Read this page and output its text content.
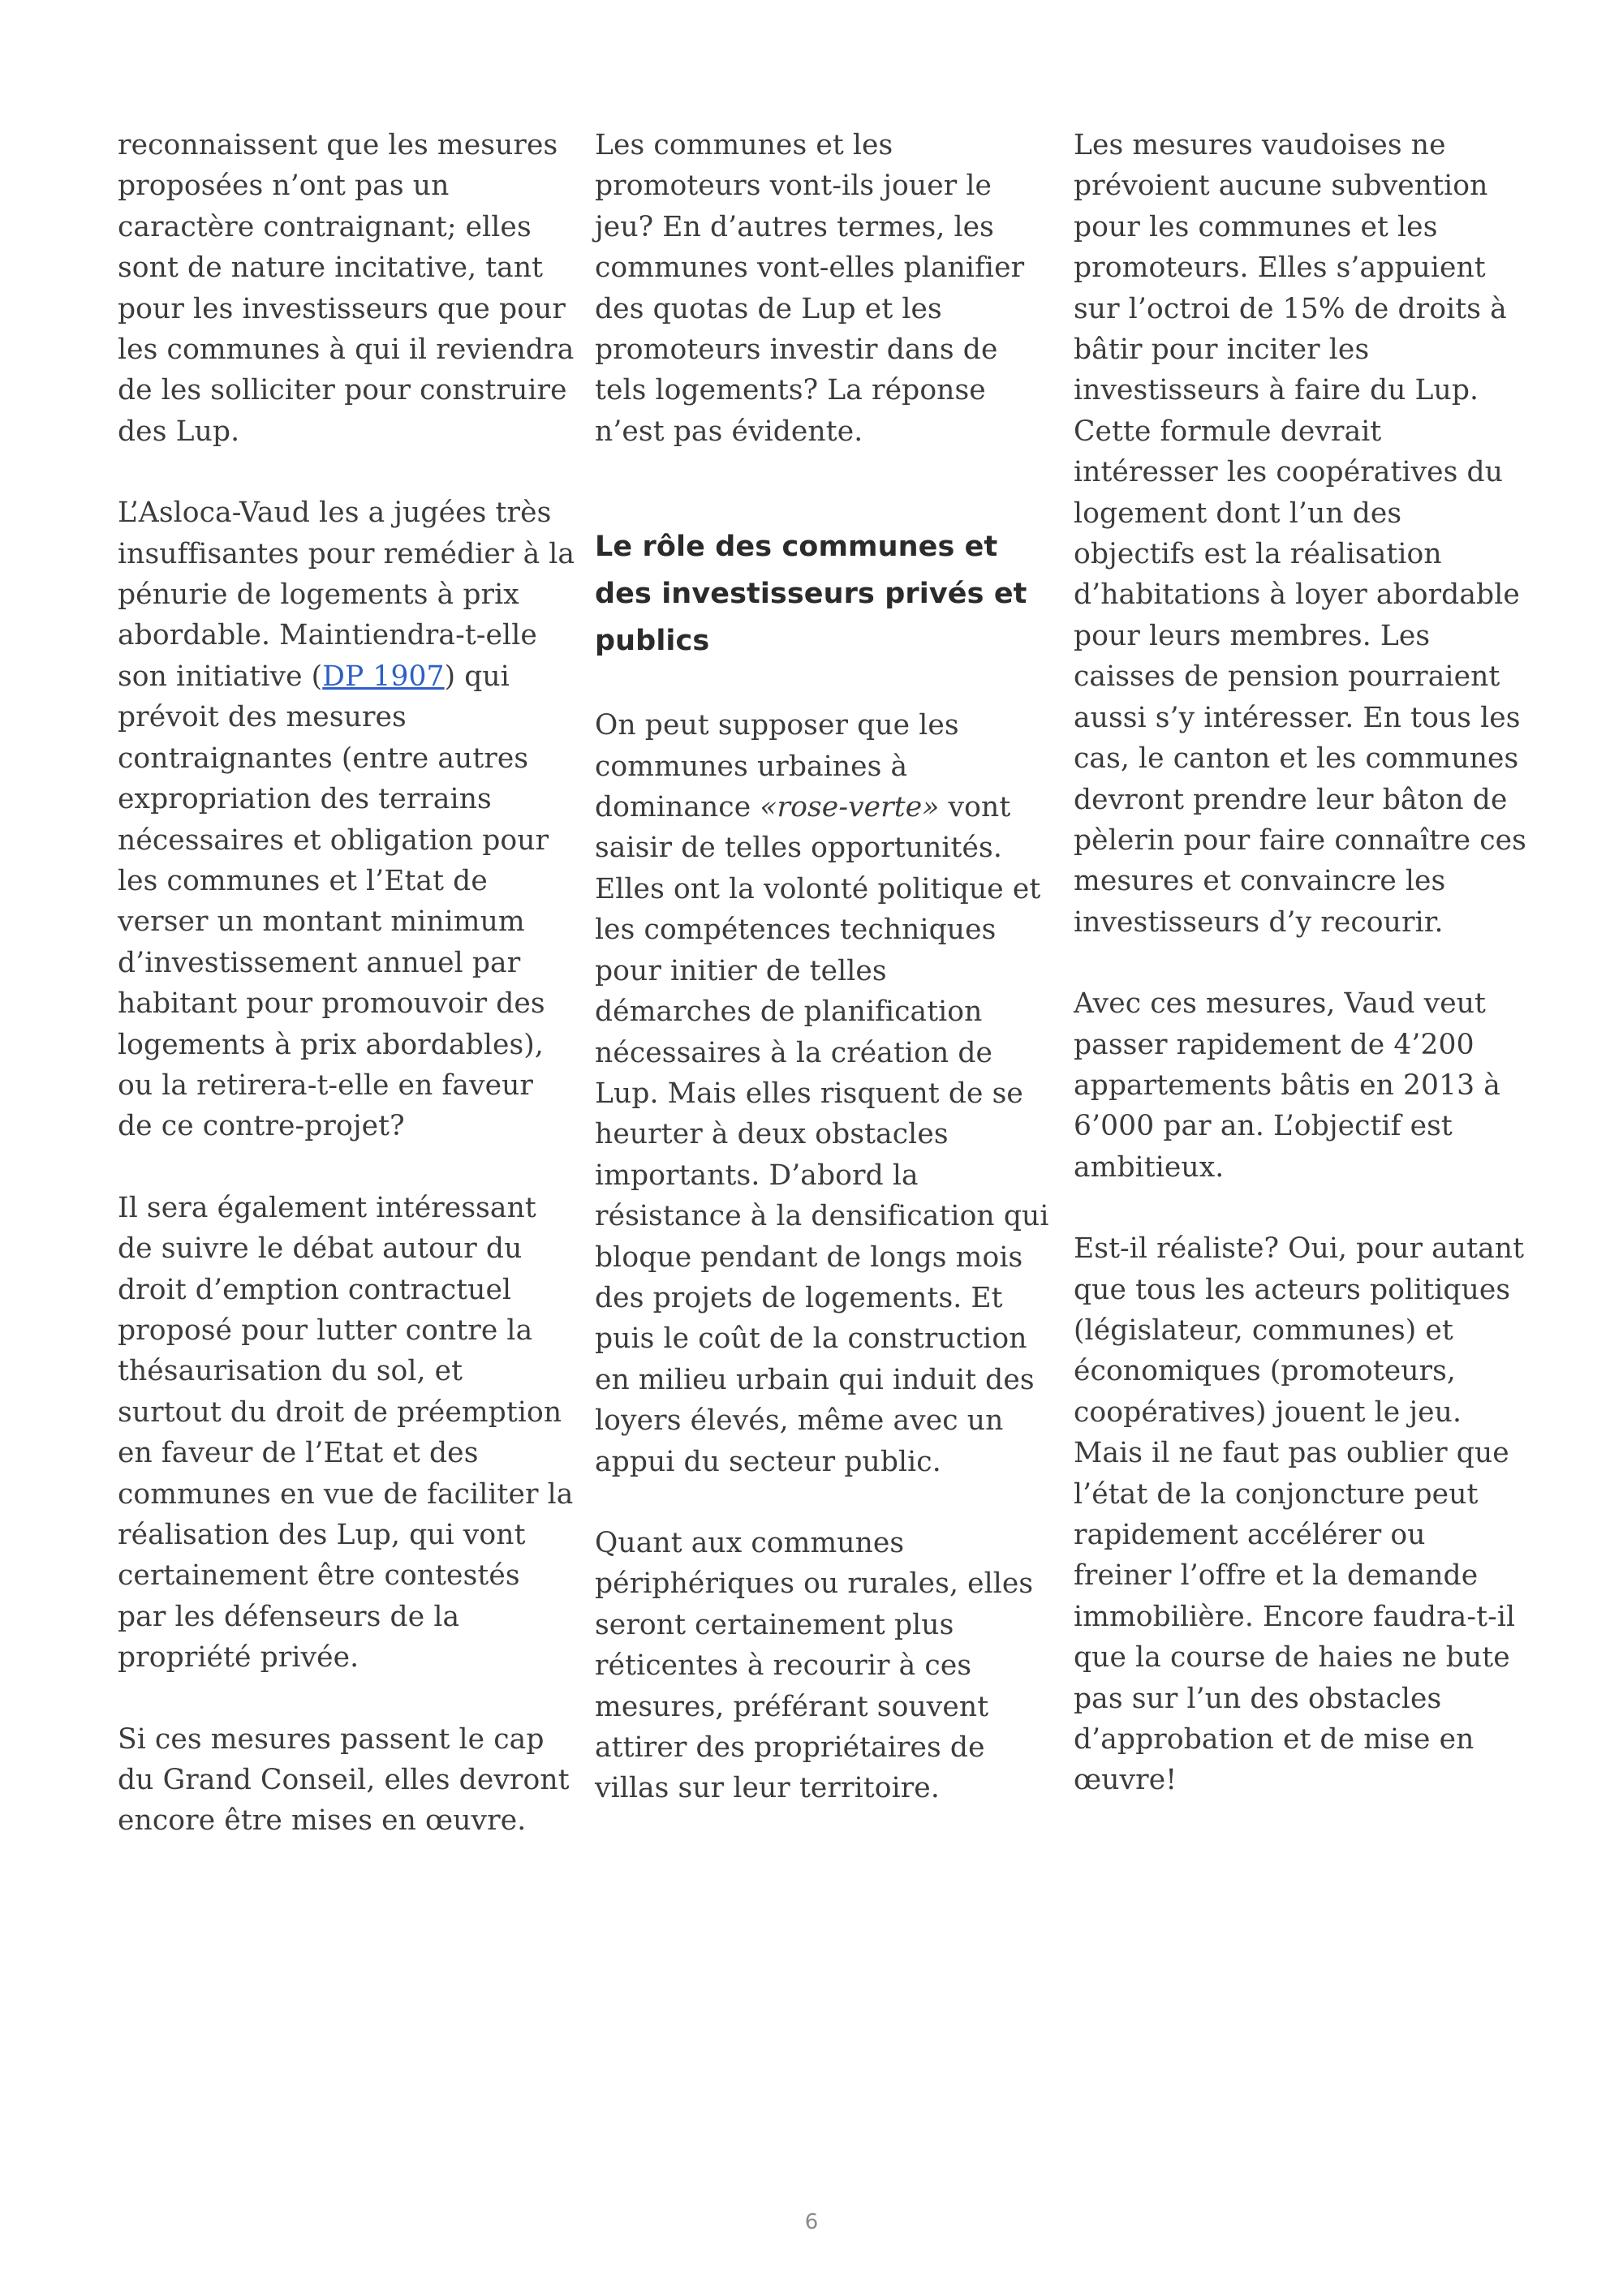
reconnaissent que les mesures
proposées n’ont pas un
caractère contraignant; elles
sont de nature incitative, tant
pour les investisseurs que pour
les communes à qui il reviendra
de les solliciter pour construire
des Lup.

L’Asloca-Vaud les a jugées très
insuffisantes pour remédier à la
pénurie de logements à prix
abordable. Maintiendra-t-elle
son initiative (DP 1907) qui
prévoit des mesures
contraignantes (entre autres
expropriation des terrains
nécessaires et obligation pour
les communes et l’Etat de
verser un montant minimum
d’investissement annuel par
habitant pour promouvoir des
logements à prix abordables),
ou la retirera-t-elle en faveur
de ce contre-projet?

Il sera également intéressant
de suivre le débat autour du
droit d’emption contractuel
proposé pour lutter contre la
thésaurisation du sol, et
surtout du droit de préemption
en faveur de l’Etat et des
communes en vue de faciliter la
réalisation des Lup, qui vont
certainement être contestés
par les défenseurs de la
propriété privée.

Si ces mesures passent le cap
du Grand Conseil, elles devront
encore être mises en œuvre.

Les communes et les
promoteurs vont-ils jouer le
jeu? En d’autres termes, les
communes vont-elles planifier
des quotas de Lup et les
promoteurs investir dans de
tels logements? La réponse
n’est pas évidente.

Le rôle des communes et
des investisseurs privés et
publics

On peut supposer que les
communes urbaines à
dominance «rose-verte» vont
saisir de telles opportunités.
Elles ont la volonté politique et
les compétences techniques
pour initier de telles
démarches de planification
nécessaires à la création de
Lup. Mais elles risquent de se
heurter à deux obstacles
importants. D’abord la
résistance à la densification qui
bloque pendant de longs mois
des projets de logements. Et
puis le coût de la construction
en milieu urbain qui induit des
loyers élevés, même avec un
appui du secteur public.

Quant aux communes
périphériques ou rurales, elles
seront certainement plus
réticentes à recourir à ces
mesures, préférant souvent
attirer des propriétaires de
villas sur leur territoire.

Les mesures vaudoises ne
prévoient aucune subvention
pour les communes et les
promoteurs. Elles s’appuient
sur l’octroi de 15% de droits à
bâtir pour inciter les
investisseurs à faire du Lup.
Cette formule devrait
intéresser les coopératives du
logement dont l’un des
objectifs est la réalisation
d’habitations à loyer abordable
pour leurs membres. Les
caisses de pension pourraient
aussi s’y intéresser. En tous les
cas, le canton et les communes
devront prendre leur bâton de
pèlerin pour faire connaître ces
mesures et convaincre les
investisseurs d’y recourir.

Avec ces mesures, Vaud veut
passer rapidement de 4’200
appartements bâtis en 2013 à
6’000 par an. L’objectif est
ambitieux.

Est-il réaliste? Oui, pour autant
que tous les acteurs politiques
(législateur, communes) et
économiques (promoteurs,
coopératives) jouent le jeu.
Mais il ne faut pas oublier que
l’état de la conjoncture peut
rapidement accélérer ou
freiner l’offre et la demande
immobilière. Encore faudra-t-il
que la course de haies ne bute
pas sur l’un des obstacles
d’approbation et de mise en
œuvre!

6
